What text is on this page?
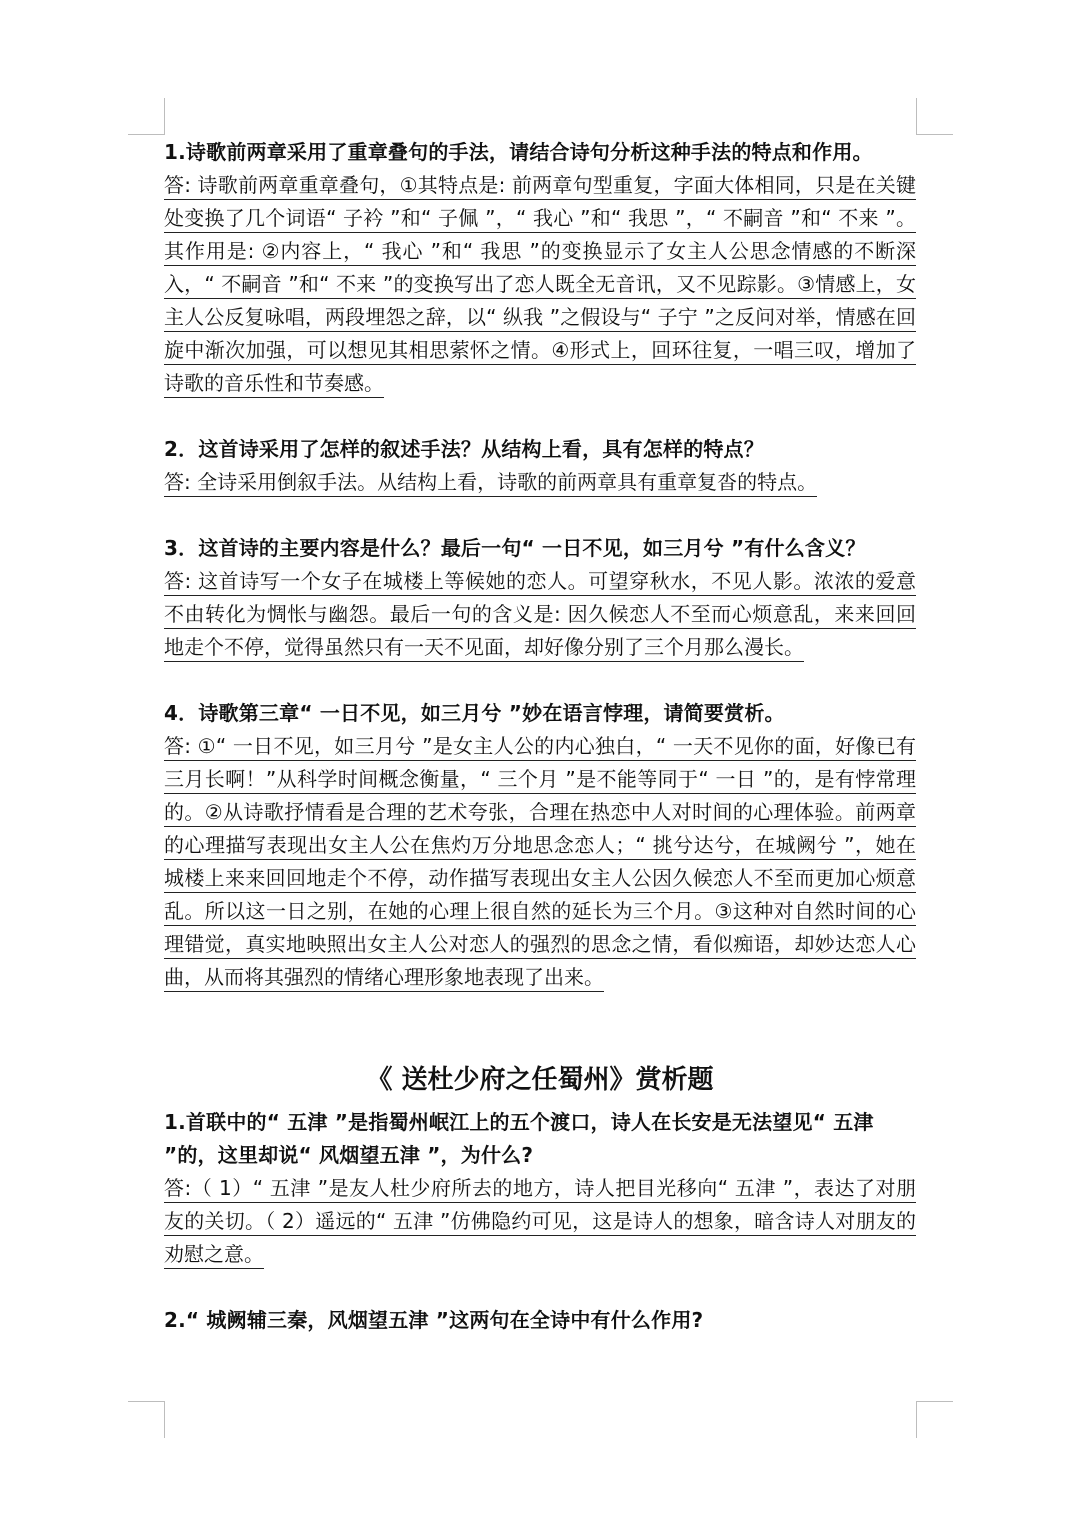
1.诗歌前两章采用了重章叠句的手法，请结合诗句分析这种手法的特点和作用。

答: 诗歌前两章重章叠句，①其特点是: 前两章句型重复，字面大体相同，只是在关键处变换了几个词语“ 子衿 ”和“ 子佩 ”，“ 我心 ”和“ 我思 ”，“ 不嗣音 ”和“ 不来 ”。其作用是: ②内容上，“ 我心 ”和“ 我思 ”的变换显示了女主人公思念情感的不断深入，“ 不嗣音 ”和“ 不来 ”的变换写出了恋人既全无音讯，又不见踪影。③情感上，女主人公反复咏唱，两段埋怨之辞，以“ 纵我 ”之假设与“ 子宁 ”之反问对举，情感在回旋中渐次加强，可以想见其相思萦怀之情。④形式上，回环往复，一唱三叹，增加了诗歌的音乐性和节奏感。

2．这首诗采用了怎样的叙述手法？从结构上看，具有怎样的特点？

答: 全诗采用倒叙手法。从结构上看，诗歌的前两章具有重章复沓的特点。

3．这首诗的主要内容是什么？最后一句“ 一日不见，如三月兮 ”有什么含义？

答: 这首诗写一个女子在城楼上等候她的恋人。可望穿秋水，不见人影。浓浓的爱意不由转化为惆怅与幽怨。最后一句的含义是: 因久候恋人不至而心烦意乱，来来回回地走个不停，觉得虽然只有一天不见面，却好像分别了三个月那么漫长。

4．诗歌第三章“ 一日不见，如三月兮 ”妙在语言悖理，请简要赏析。

答: ①“ 一日不见，如三月兮 ”是女主人公的内心独白，“ 一天不见你的面，好像已有三月长啊！”从科学时间概念衡量，“ 三个月 ”是不能等同于“ 一日 ”的，是有悖常理的。②从诗歌抒情看是合理的艺术夸张，合理在热恋中人对时间的心理体验。前两章的心理描写表现出女主人公在焦灼万分地思念恋人；“ 挑兮达兮，在城阙兮 ”，她在城楼上来来回回地走个不停，动作描写表现出女主人公因久候恋人不至而更加心烦意乱。所以这一日之别，在她的心理上很自然的延长为三个月。③这种对自然时间的心理错觉，真实地映照出女主人公对恋人的强烈的思念之情，看似痴语，却妙达恋人心曲，从而将其强烈的情绪心理形象地表现了出来。

《 送杜少府之任蜀州》赏析题

1.首联中的“ 五津 ”是指蜀州岷江上的五个渡口，诗人在长安是无法望见“ 五津 ”的，这里却说“ 风烟望五津 ”，为什么?

答:（ 1）“ 五津 ”是友人杜少府所去的地方，诗人把目光移向“ 五津 ”，表达了对朋友的关切。（ 2）遥远的“ 五津 ”仿佛隐约可见，这是诗人的想象，暗含诗人对朋友的劝慰之意。

2.“ 城阙辅三秦，风烟望五津 ”这两句在全诗中有什么作用?
